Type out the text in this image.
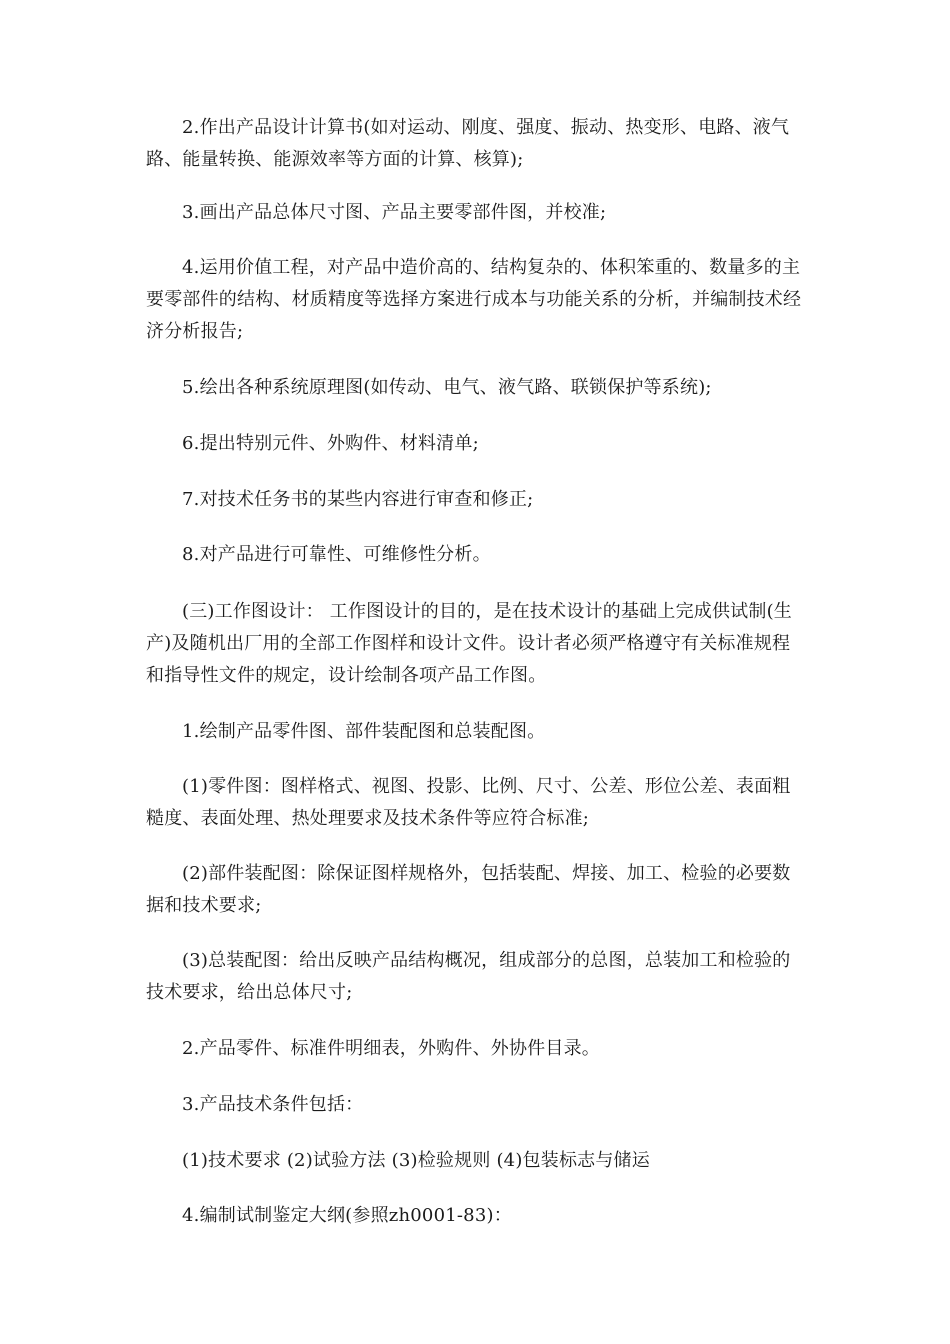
2.作出产品设计计算书(如对运动、刚度、强度、振动、热变形、电路、液气路、能量转换、能源效率等方面的计算、核算);

3.画出产品总体尺寸图、产品主要零部件图，并校准;

4.运用价值工程，对产品中造价高的、结构复杂的、体积笨重的、数量多的主要零部件的结构、材质精度等选择方案进行成本与功能关系的分析，并编制技术经济分析报告;

5.绘出各种系统原理图(如传动、电气、液气路、联锁保护等系统);

6.提出特别元件、外购件、材料清单;

7.对技术任务书的某些内容进行审查和修正;

8.对产品进行可靠性、可维修性分析。

(三)工作图设计： 工作图设计的目的，是在技术设计的基础上完成供试制(生产)及随机出厂用的全部工作图样和设计文件。设计者必须严格遵守有关标准规程和指导性文件的规定，设计绘制各项产品工作图。

1.绘制产品零件图、部件装配图和总装配图。

(1)零件图：图样格式、视图、投影、比例、尺寸、公差、形位公差、表面粗糙度、表面处理、热处理要求及技术条件等应符合标准;

(2)部件装配图：除保证图样规格外，包括装配、焊接、加工、检验的必要数据和技术要求;

(3)总装配图：给出反映产品结构概况，组成部分的总图，总装加工和检验的技术要求，给出总体尺寸;

2.产品零件、标准件明细表，外购件、外协件目录。

3.产品技术条件包括：

(1)技术要求 (2)试验方法 (3)检验规则 (4)包装标志与储运

4.编制试制鉴定大纲(参照zh0001-83)：
